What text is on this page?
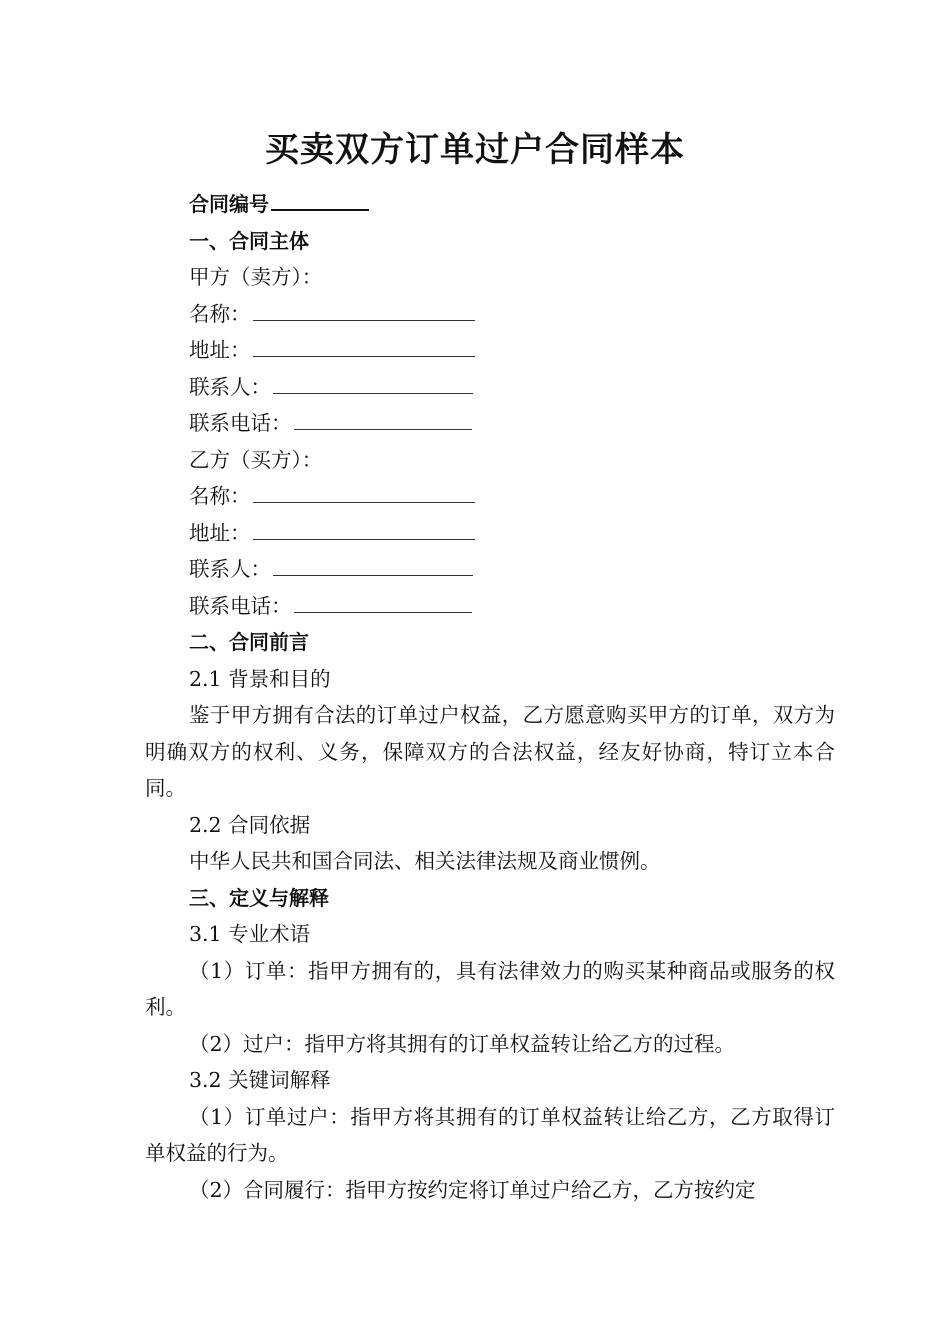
买卖双方订单过户合同样本
合同编号
一、合同主体
甲方（卖方）：
名称：
地址：
联系人：
联系电话：
乙方（买方）：
名称：
地址：
联系人：
联系电话：
二、合同前言
2.1 背景和目的

鉴于甲方拥有合法的订单过户权益，乙方愿意购买甲方的订单，双方为明确双方的权利、义务，保障双方的合法权益，经友好协商，特订立本合同。

2.2 合同依据
中华人民共和国合同法、相关法律法规及商业惯例。
三、定义与解释
3.1 专业术语

（1）订单：指甲方拥有的，具有法律效力的购买某种商品或服务的权利。

（2）过户：指甲方将其拥有的订单权益转让给乙方的过程。

3.2 关键词解释

（1）订单过户：指甲方将其拥有的订单权益转让给乙方，乙方取得订单权益的行为。

（2）合同履行：指甲方按约定将订单过户给乙方，乙方按约定
